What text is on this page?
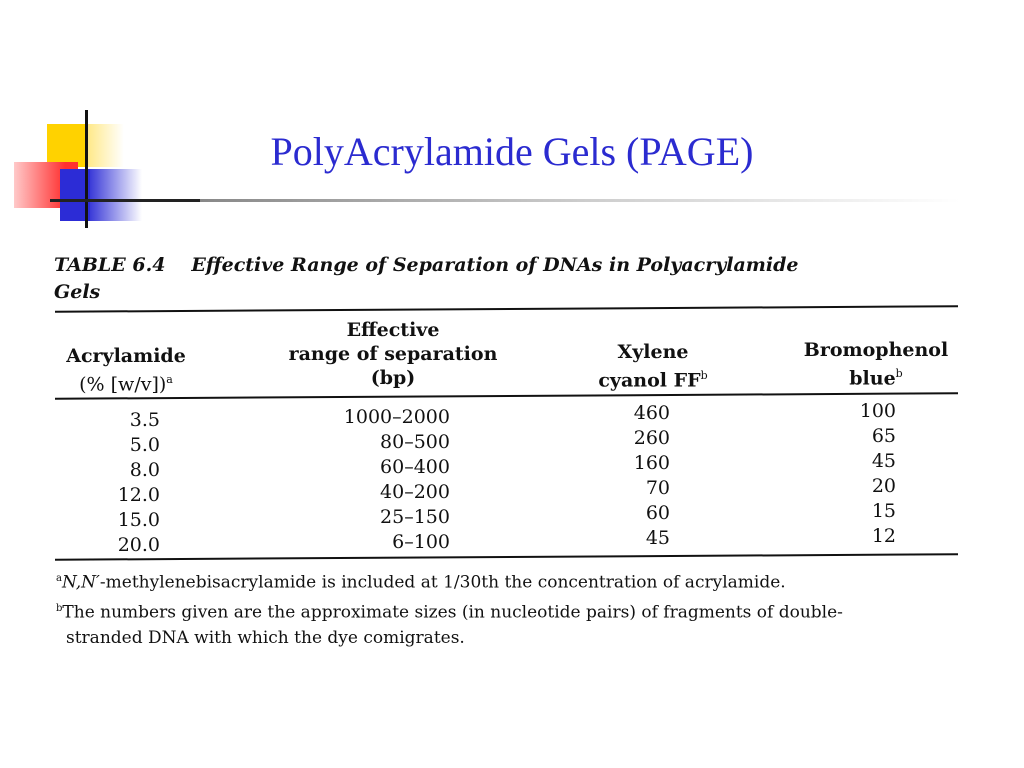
PolyAcrylamide Gels (PAGE)
TABLE 6.4 Effective Range of Separation of DNAs in Polyacrylamide
Gels
Acrylamide
(% [w/v])$^a$
Effective
range of separation
(bp)
Xylene
cyanol $FF^b$
Bromophenol
blue$^b$
3.5
5.0
8.0
12.0
15.0
20.0
1000–2000
80–500
60–400
40–200
25–150
6–100
460
260
160
70
60
45
100
65
45
20
15
12
$^a$N,N′-methylenebisacrylamide is included at 1/30th the concentration of acrylamide.
$^b$The numbers given are the approximate sizes (in nucleotide pairs) of fragments of double-
stranded DNA with which the dye comigrates.
